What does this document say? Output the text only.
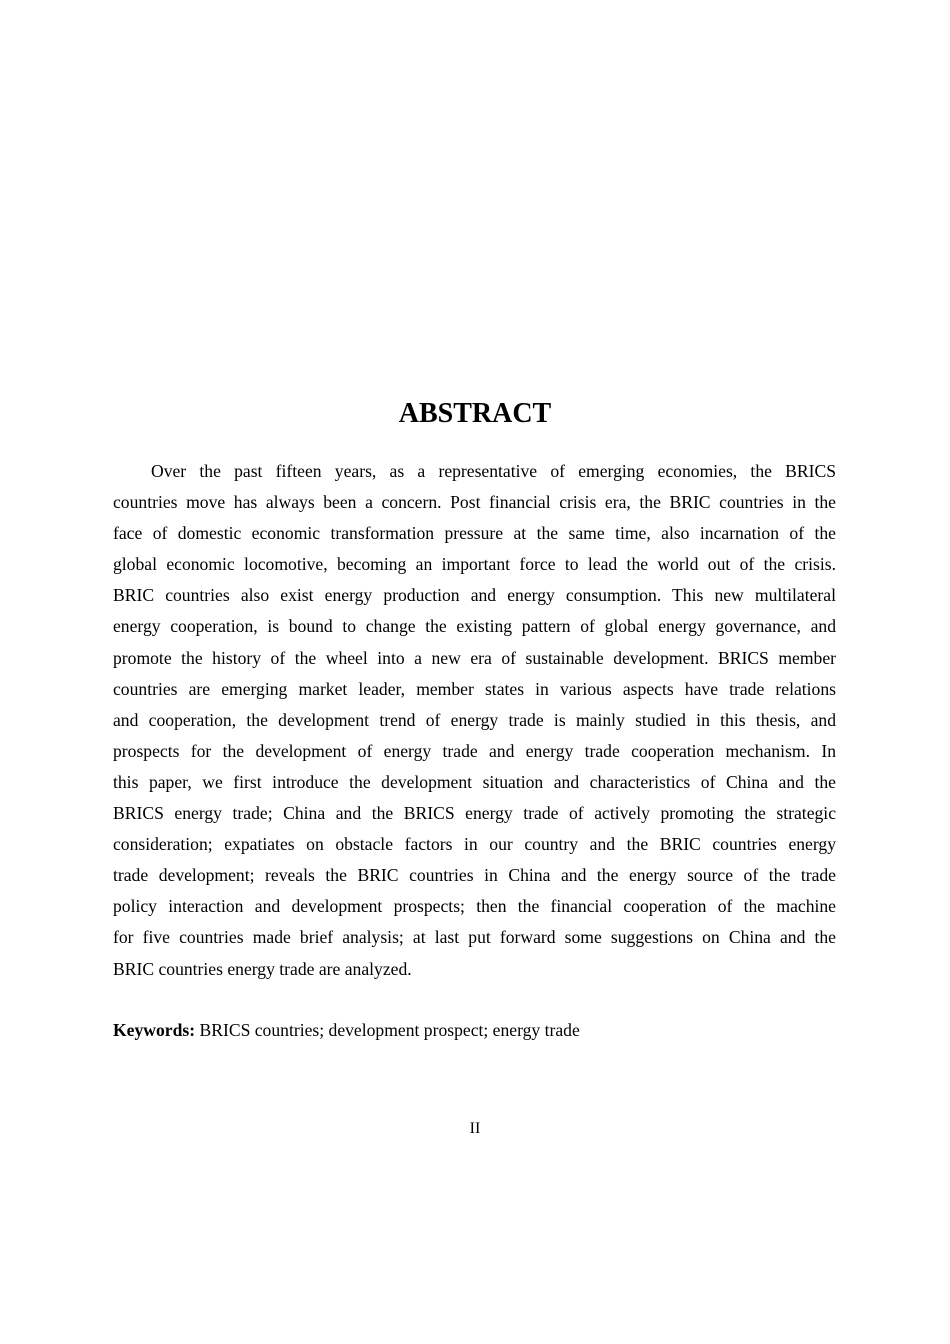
ABSTRACT
Over the past fifteen years, as a representative of emerging economies, the BRICS
countries move has always been a concern. Post financial crisis era, the BRIC countries in the
face of domestic economic transformation pressure at the same time, also incarnation of the
global economic locomotive, becoming an important force to lead the world out of the crisis.
BRIC countries also exist energy production and energy consumption. This new multilateral
energy cooperation, is bound to change the existing pattern of global energy governance, and
promote the history of the wheel into a new era of sustainable development. BRICS member
countries are emerging market leader, member states in various aspects have trade relations
and cooperation, the development trend of energy trade is mainly studied in this thesis, and
prospects for the development of energy trade and energy trade cooperation mechanism. In
this paper, we first introduce the development situation and characteristics of China and the
BRICS energy trade; China and the BRICS energy trade of actively promoting the strategic
consideration; expatiates on obstacle factors in our country and the BRIC countries energy
trade development; reveals the BRIC countries in China and the energy source of the trade
policy interaction and development prospects; then the financial cooperation of the machine
for five countries made brief analysis; at last put forward some suggestions on China and the
BRIC countries energy trade are analyzed.
Keywords: BRICS countries; development prospect; energy trade
II
